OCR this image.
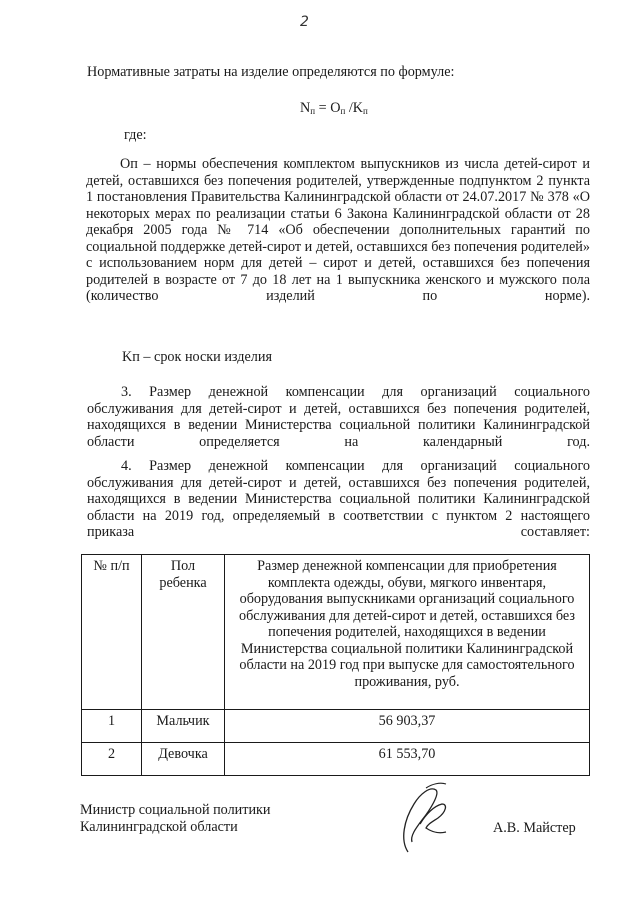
2
Нормативные затраты на изделие определяются по формуле:
$N_п = O_п$ $/K_п$
где:
Oп – нормы обеспечения комплектом выпускников из числа детей-сирот и детей, оставшихся без попечения родителей, утвержденные подпунктом 2 пункта 1 постановления Правительства Калининградской области от 24.07.2017 № 378 «О некоторых мерах по реализации статьи 6 Закона Калининградской области от 28 декабря 2005 года № 714 «Об обеспечении дополнительных гарантий по социальной поддержке детей-сирот и детей, оставшихся без попечения родителей» с использованием норм для детей – сирот и детей, оставшихся без попечения родителей в возрасте от 7 до 18 лет на 1 выпускника женского и мужского пола (количество изделий по норме).
Kп – срок носки изделия
3. Размер денежной компенсации для организаций социального обслуживания для детей-сирот и детей, оставшихся без попечения родителей, находящихся в ведении Министерства социальной политики Калининградской области определяется на календарный год.
4. Размер денежной компенсации для организаций социального обслуживания для детей-сирот и детей, оставшихся без попечения родителей, находящихся в ведении Министерства социальной политики Калининградской области на 2019 год, определяемый в соответствии с пунктом 2 настоящего приказа составляет:
№ п/п	Пол ребенка	Размер денежной компенсации для приобретения комплекта одежды, обуви, мягкого инвентаря, оборудования выпускниками организаций социального обслуживания для детей-сирот и детей, оставшихся без попечения родителей, находящихся в ведении Министерства социальной политики Калининградской области на 2019 год при выпуске для самостоятельного проживания, руб.
1	Мальчик	56 903,37
2	Девочка	61 553,70
Министр социальной политики
Калининградской области	А.В. Майстер
